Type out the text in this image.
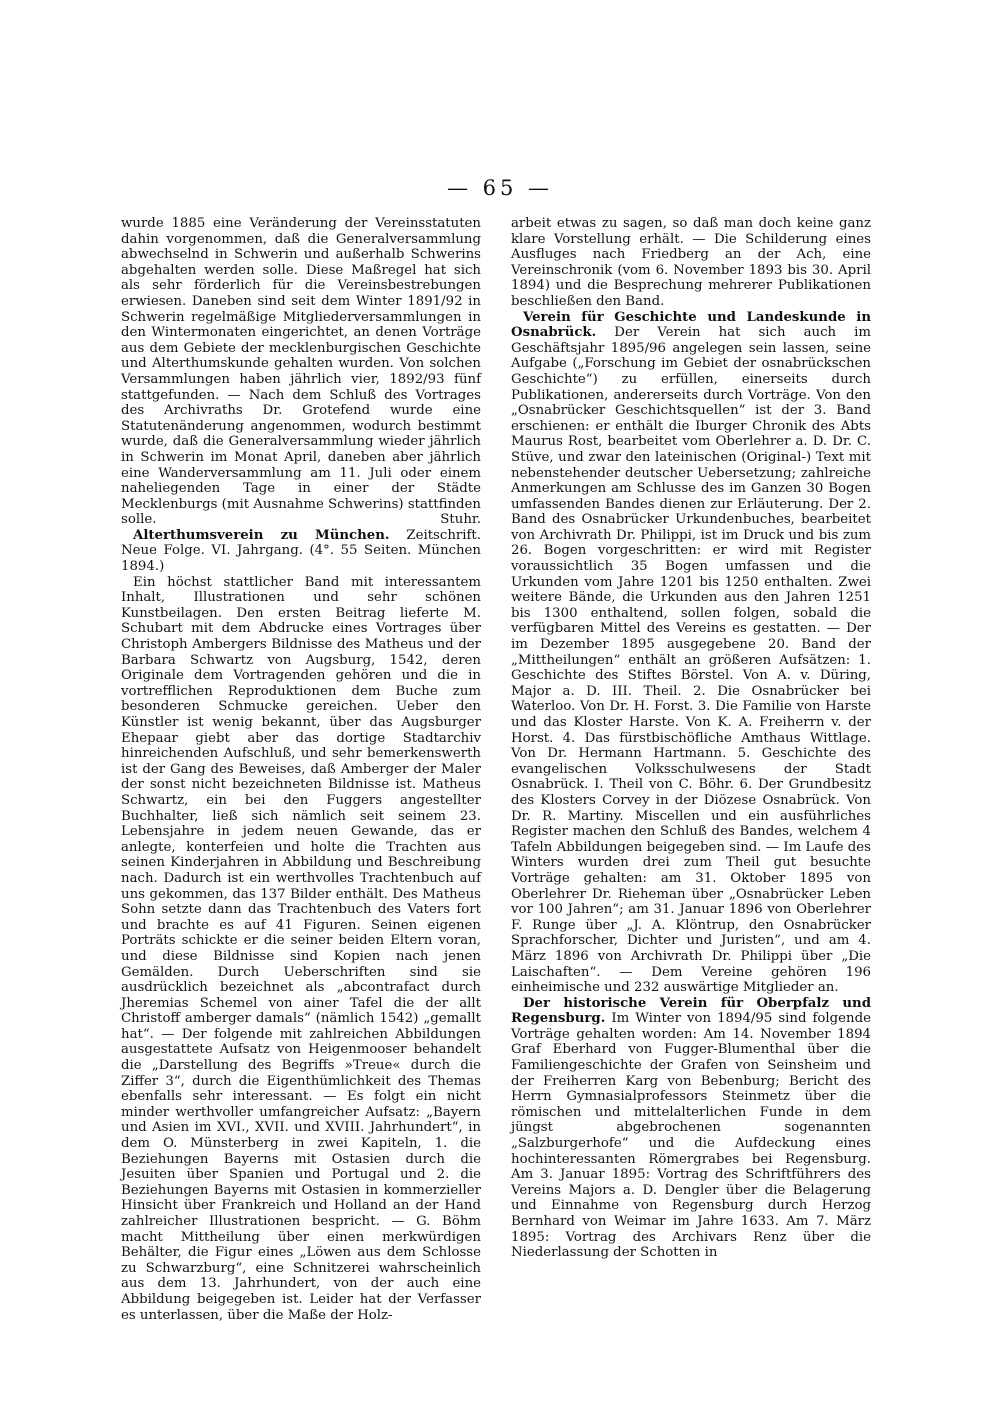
— 65 —

wurde 1885 eine Veränderung der Vereinsstatuten dahin vorgenommen, daß die Generalversammlung abwechselnd in Schwerin und außerhalb Schwerins abgehalten werden solle. Diese Maßregel hat sich als sehr förderlich für die Vereinsbestrebungen erwiesen. Daneben sind seit dem Winter 1891/92 in Schwerin regelmäßige Mitgliederversammlungen in den Wintermonaten eingerichtet, an denen Vorträge aus dem Gebiete der mecklenburgischen Geschichte und Alterthumskunde gehalten wurden. Von solchen Versammlungen haben jährlich vier, 1892/93 fünf stattgefunden. — Nach dem Schluß des Vortrages des Archivraths Dr. Grotefend wurde eine Statutenänderung angenommen, wodurch bestimmt wurde, daß die Generalversammlung wieder jährlich in Schwerin im Monat April, daneben aber jährlich eine Wanderversammlung am 11. Juli oder einem naheliegenden Tage in einer der Städte Mecklenburgs (mit Ausnahme Schwerins) stattfinden solle.	Stuhr.

Alterthumsverein zu München. Zeitschrift. Neue Folge. VI. Jahrgang. (4°. 55 Seiten. München 1894.)

Ein höchst stattlicher Band mit interessantem Inhalt, Illustrationen und sehr schönen Kunstbeilagen. Den ersten Beitrag lieferte M. Schubart mit dem Abdrucke eines Vortrages über Christoph Ambergers Bildnisse des Matheus und der Barbara Schwartz von Augsburg, 1542, deren Originale dem Vortragenden gehören und die in vortrefflichen Reproduktionen dem Buche zum besonderen Schmucke gereichen. Ueber den Künstler ist wenig bekannt, über das Augsburger Ehepaar giebt aber das dortige Stadtarchiv hinreichenden Aufschluß, und sehr bemerkenswerth ist der Gang des Beweises, daß Amberger der Maler der sonst nicht bezeichneten Bildnisse ist. Matheus Schwartz, ein bei den Fuggers angestellter Buchhalter, ließ sich nämlich seit seinem 23. Lebensjahre in jedem neuen Gewande, das er anlegte, konterfeien und holte die Trachten aus seinen Kinderjahren in Abbildung und Beschreibung nach. Dadurch ist ein werthvolles Trachtenbuch auf uns gekommen, das 137 Bilder enthält. Des Matheus Sohn setzte dann das Trachtenbuch des Vaters fort und brachte es auf 41 Figuren. Seinen eigenen Porträts schickte er die seiner beiden Eltern voran, und diese Bildnisse sind Kopien nach jenen Gemälden. Durch Ueberschriften sind sie ausdrücklich bezeichnet als „abcontrafact durch Jheremias Schemel von ainer Tafel die der allt Christoff amberger damals“ (nämlich 1542) „gemallt hat“. — Der folgende mit zahlreichen Abbildungen ausgestattete Aufsatz von Heigenmooser behandelt die „Darstellung des Begriffs »Treue« durch die Ziffer 3“, durch die Eigenthümlichkeit des Themas ebenfalls sehr interessant. — Es folgt ein nicht minder werthvoller umfangreicher Aufsatz: „Bayern und Asien im XVI., XVII. und XVIII. Jahrhundert“, in dem O. Münsterberg in zwei Kapiteln, 1. die Beziehungen Bayerns mit Ostasien durch die Jesuiten über Spanien und Portugal und 2. die Beziehungen Bayerns mit Ostasien in kommerzieller Hinsicht über Frankreich und Holland an der Hand zahlreicher Illustrationen bespricht. — G. Böhm macht Mittheilung über einen merkwürdigen Behälter, die Figur eines „Löwen aus dem Schlosse zu Schwarzburg“, eine Schnitzerei wahrscheinlich aus dem 13. Jahrhundert, von der auch eine Abbildung beigegeben ist. Leider hat der Verfasser es unterlassen, über die Maße der Holz-

arbeit etwas zu sagen, so daß man doch keine ganz klare Vorstellung erhält. — Die Schilderung eines Ausfluges nach Friedberg an der Ach, eine Vereinschronik (vom 6. November 1893 bis 30. April 1894) und die Besprechung mehrerer Publikationen beschließen den Band.

Verein für Geschichte und Landeskunde in Osnabrück. Der Verein hat sich auch im Geschäftsjahr 1895/96 angelegen sein lassen, seine Aufgabe („Forschung im Gebiet der osnabrückschen Geschichte“) zu erfüllen, einerseits durch Publikationen, andererseits durch Vorträge. Von den „Osnabrücker Geschichtsquellen“ ist der 3. Band erschienen: er enthält die Iburger Chronik des Abts Maurus Rost, bearbeitet vom Oberlehrer a. D. Dr. C. Stüve, und zwar den lateinischen (Original-) Text mit nebenstehender deutscher Uebersetzung; zahlreiche Anmerkungen am Schlusse des im Ganzen 30 Bogen umfassenden Bandes dienen zur Erläuterung. Der 2. Band des Osnabrücker Urkundenbuches, bearbeitet von Archivrath Dr. Philippi, ist im Druck und bis zum 26. Bogen vorgeschritten: er wird mit Register voraussichtlich 35 Bogen umfassen und die Urkunden vom Jahre 1201 bis 1250 enthalten. Zwei weitere Bände, die Urkunden aus den Jahren 1251 bis 1300 enthaltend, sollen folgen, sobald die verfügbaren Mittel des Vereins es gestatten. — Der im Dezember 1895 ausgegebene 20. Band der „Mittheilungen“ enthält an größeren Aufsätzen: 1. Geschichte des Stiftes Börstel. Von A. v. Düring, Major a. D. III. Theil. 2. Die Osnabrücker bei Waterloo. Von Dr. H. Forst. 3. Die Familie von Harste und das Kloster Harste. Von K. A. Freiherrn v. der Horst. 4. Das fürstbischöfliche Amthaus Wittlage. Von Dr. Hermann Hartmann. 5. Geschichte des evangelischen Volksschulwesens der Stadt Osnabrück. I. Theil von C. Böhr. 6. Der Grundbesitz des Klosters Corvey in der Diözese Osnabrück. Von Dr. R. Martiny. Miscellen und ein ausführliches Register machen den Schluß des Bandes, welchem 4 Tafeln Abbildungen beigegeben sind. — Im Laufe des Winters wurden drei zum Theil gut besuchte Vorträge gehalten: am 31. Oktober 1895 von Oberlehrer Dr. Rieheman über „Osnabrücker Leben vor 100 Jahren“; am 31. Januar 1896 von Oberlehrer F. Runge über „J. A. Klöntrup, den Osnabrücker Sprachforscher, Dichter und Juristen“, und am 4. März 1896 von Archivrath Dr. Philippi über „Die Laischaften“. — Dem Vereine gehören 196 einheimische und 232 auswärtige Mitglieder an.

Der historische Verein für Oberpfalz und Regensburg. Im Winter von 1894/95 sind folgende Vorträge gehalten worden: Am 14. November 1894 Graf Eberhard von Fugger-Blumenthal über die Familiengeschichte der Grafen von Seinsheim und der Freiherren Karg von Bebenburg; Bericht des Herrn Gymnasialprofessors Steinmetz über die römischen und mittelalterlichen Funde in dem jüngst abgebrochenen sogenannten „Salzburgerhofe“ und die Aufdeckung eines hochinteressanten Römergrabes bei Regensburg. Am 3. Januar 1895: Vortrag des Schriftführers des Vereins Majors a. D. Dengler über die Belagerung und Einnahme von Regensburg durch Herzog Bernhard von Weimar im Jahre 1633. Am 7. März 1895: Vortrag des Archivars Renz über die Niederlassung der Schotten in
